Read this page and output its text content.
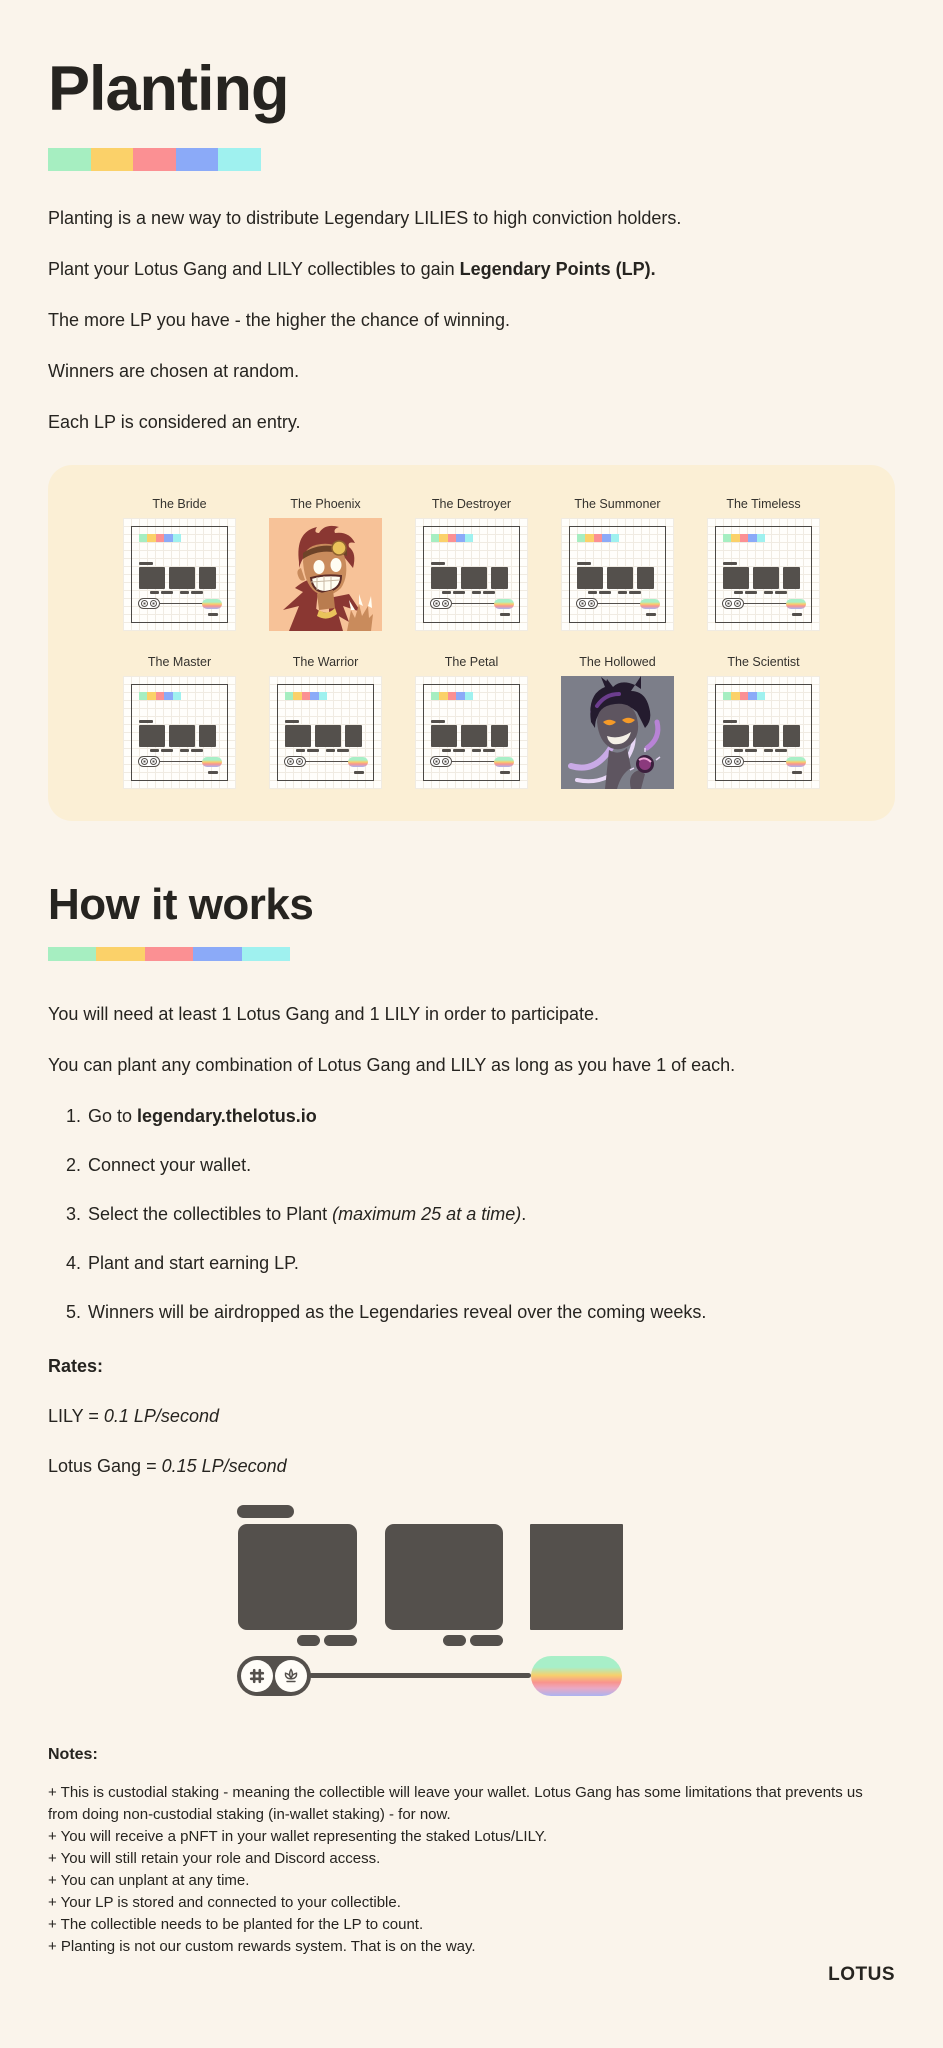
Planting

Planting is a new way to distribute Legendary LILIES to high conviction holders.

Plant your Lotus Gang and LILY collectibles to gain Legendary Points (LP).

The more LP you have - the higher the chance of winning.

Winners are chosen at random.

Each LP is considered an entry.

The Bride	The Phoenix	The Destroyer	The Summoner	The Timeless
The Master	The Warrior	The Petal	The Hollowed	The Scientist
How it works

You will need at least 1 Lotus Gang and 1 LILY in order to participate.

You can plant any combination of Lotus Gang and LILY as long as you have 1 of each.

1. Go to legendary.thelotus.io
2. Connect your wallet.
3. Select the collectibles to Plant (maximum 25 at a time).
4. Plant and start earning LP.
5. Winners will be airdropped as the Legendaries reveal over the coming weeks.
Rates:
LILY = 0.1 LP/second
Lotus Gang = 0.15 LP/second
Notes:
+ This is custodial staking - meaning the collectible will leave your wallet. Lotus Gang has some limitations that prevents us from doing non-custodial staking (in-wallet staking) - for now.
+ You will receive a pNFT in your wallet representing the staked Lotus/LILY.
+ You will still retain your role and Discord access.
+ You can unplant at any time.
+ Your LP is stored and connected to your collectible.
+ The collectible needs to be planted for the LP to count.
+ Planting is not our custom rewards system. That is on the way.
LOTUS
